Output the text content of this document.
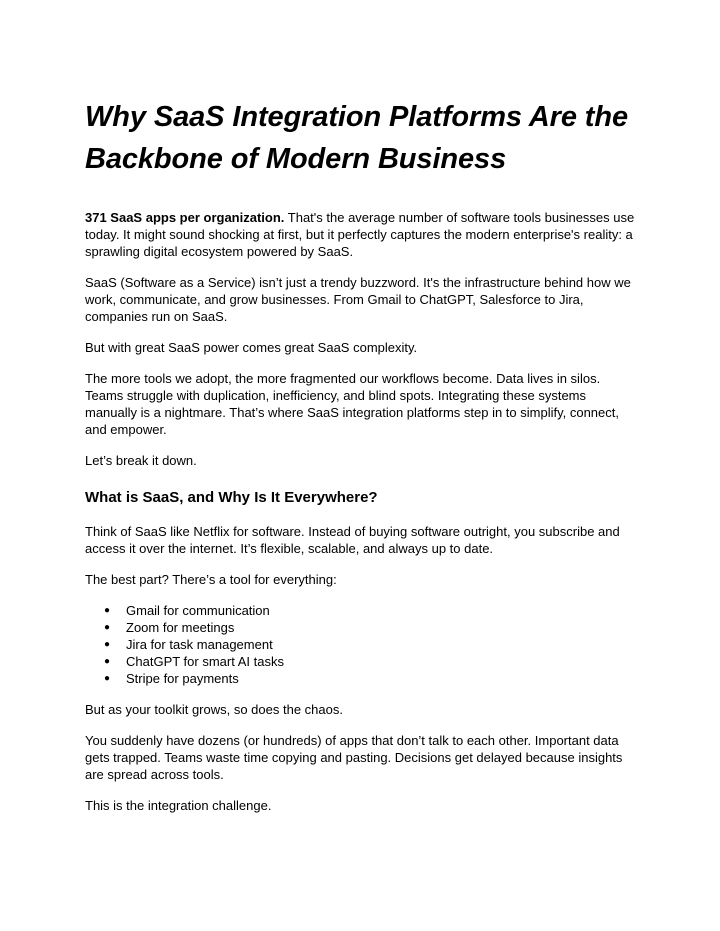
Why SaaS Integration Platforms Are the Backbone of Modern Business

371 SaaS apps per organization. That's the average number of software tools businesses use today. It might sound shocking at first, but it perfectly captures the modern enterprise's reality: a sprawling digital ecosystem powered by SaaS.

SaaS (Software as a Service) isn’t just a trendy buzzword. It's the infrastructure behind how we work, communicate, and grow businesses. From Gmail to ChatGPT, Salesforce to Jira, companies run on SaaS.

But with great SaaS power comes great SaaS complexity.

The more tools we adopt, the more fragmented our workflows become. Data lives in silos. Teams struggle with duplication, inefficiency, and blind spots. Integrating these systems manually is a nightmare. That’s where SaaS integration platforms step in to simplify, connect, and empower.

Let’s break it down.

What is SaaS, and Why Is It Everywhere?

Think of SaaS like Netflix for software. Instead of buying software outright, you subscribe and access it over the internet. It’s flexible, scalable, and always up to date.

The best part? There’s a tool for everything:

● Gmail for communication
● Zoom for meetings
● Jira for task management
● ChatGPT for smart AI tasks
● Stripe for payments

But as your toolkit grows, so does the chaos.

You suddenly have dozens (or hundreds) of apps that don’t talk to each other. Important data gets trapped. Teams waste time copying and pasting. Decisions get delayed because insights are spread across tools.

This is the integration challenge.
